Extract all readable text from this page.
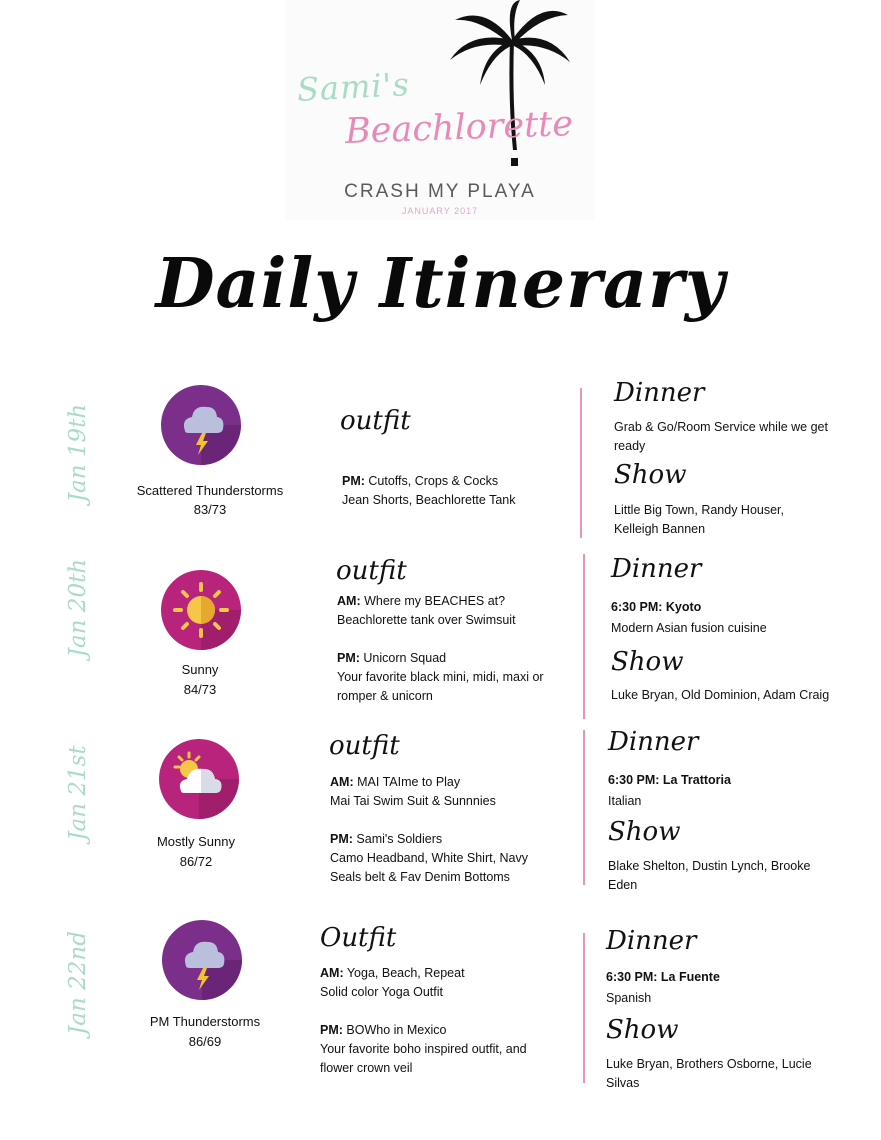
Sami's
Beachlorette
CRASH MY PLAYA
JANUARY 2017
Daily Itinerary
Jan 19th	Scattered Thunderstorms
83/73
outfit
PM: Cutoffs, Crops & Cocks
Jean Shorts, Beachlorette Tank
Dinner
Grab & Go/Room Service while we get ready
Show
Little Big Town, Randy Houser, Kelleigh Bannen
Jan 20th
Sunny
84/73
outfit
AM: Where my BEACHES at?
Beachlorette tank over Swimsuit
PM: Unicorn Squad
Your favorite black mini, midi, maxi or romper & unicorn
Dinner
6:30 PM: Kyoto
Modern Asian fusion cuisine
Show
Luke Bryan, Old Dominion, Adam Craig
Jan 21st
Mostly Sunny
86/72
outfit
AM: MAI TAIme to Play
Mai Tai Swim Suit & Sunnnies
PM: Sami's Soldiers
Camo Headband, White Shirt, Navy Seals belt & Fav Denim Bottoms
Dinner
6:30 PM: La Trattoria
Italian
Show
Blake Shelton, Dustin Lynch, Brooke Eden
Jan 22nd	PM Thunderstorms
86/69
Outfit
AM: Yoga, Beach, Repeat
Solid color Yoga Outfit
PM: BOWho in Mexico
Your favorite boho inspired outfit, and flower crown veil
Dinner
6:30 PM: La Fuente
Spanish
Show
Luke Bryan, Brothers Osborne, Lucie Silvas
